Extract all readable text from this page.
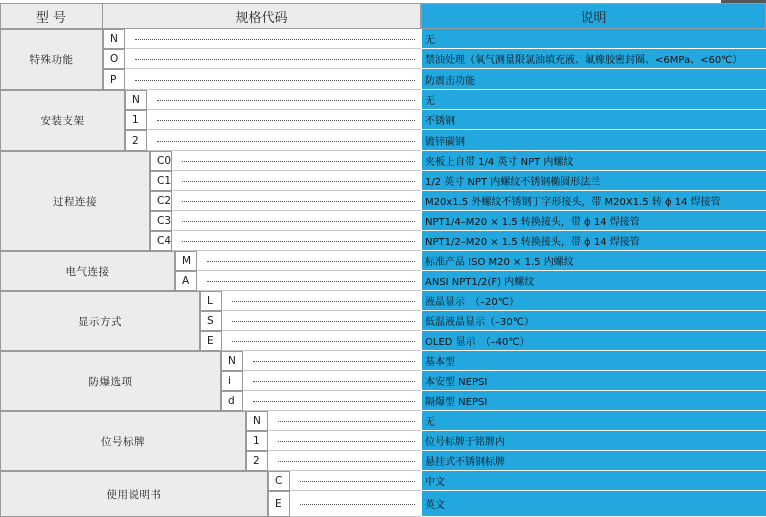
型 号	规格代码	说明
特殊功能
N	无
O	禁油处理（氧气测量限氯油填充液、氟橡胶密封圈、<6MPa、<60℃）
P	防震击功能
安装支架
N	无
1	不锈钢
2	镀锌碳钢
过程连接
C0	夹板上自带 1/4 英寸 NPT 内螺纹
C1	1/2 英寸 NPT 内螺纹不锈钢椭圆形法兰
C2	M20x1.5 外螺纹不锈钢丁字形接头，带 M20X1.5 转 ϕ 14 焊接管
C3	NPT1/4–M20 × 1.5 转换接头，带 ϕ 14 焊接管
C4	NPT1/2–M20 × 1.5 转换接头，带 ϕ 14 焊接管
电气连接
M	标准产品 ISO M20 × 1.5 内螺纹
A	ANSI NPT1/2(F) 内螺纹
显示方式
L	液晶显示　（–20℃）
S	低温液晶显示（–30℃）
E	OLED 显示　（–40℃）
防爆选项
N	基本型
i	本安型 NEPSI
d	隔爆型 NEPSI
位号标牌
N	无
1	位号标牌于铭牌内
2	悬挂式不锈钢标牌
使用说明书
C	中文
E	英文
